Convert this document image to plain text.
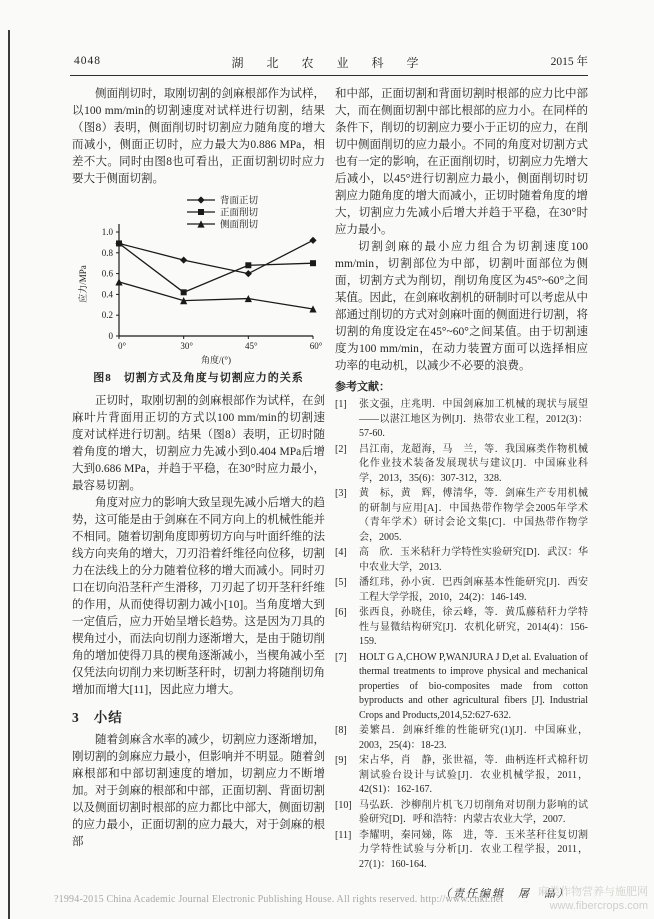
4048	湖 北 农 业 科 学	2015 年

侧面削切时，取刚切割的剑麻根部作为试样，以100 mm/min的切割速度对试样进行切割，结果（图8）表明，侧面削切时切割应力随角度的增大而减小，侧面正切时，应力最大为0.886 MPa，相差不大。同时由图8也可看出，正面切割切时应力要大于侧面切割。

0
0.2
0.4
0.6
0.8
1.0
0°	30°	45°	60°
应力/MPa
角度/(°)
背面正切
正面削切
侧面削切
图8　切割方式及角度与切割应力的关系

正切时，取刚切割的剑麻根部作为试样，在剑麻叶片背面用正切的方式以100 mm/min的切割速度对试样进行切割。结果（图8）表明，正切时随着角度的增大，切割应力先减小到0.404 MPa后增大到0.686 MPa，并趋于平稳，在30°时应力最小，最容易切割。

角度对应力的影响大致呈现先减小后增大的趋势，这可能是由于剑麻在不同方向上的机械性能并不相同。随着切割角度即剪切方向与叶面纤维的法线方向夹角的增大，刀刃沿着纤维径向位移，切割力在法线上的分力随着位移的增大而减小。同时刃口在切向沿茎秆产生滑移，刀刃起了切开茎秆纤维的作用，从而使得切割力减小[10]。当角度增大到一定值后，应力开始呈增长趋势。这是因为刀具的楔角过小，而法向切削力逐渐增大，是由于随切削角的增加使得刀具的楔角逐渐减小，当楔角减小至仅凭法向切削力来切断茎秆时，切割力将随削切角增加而增大[11]，因此应力增大。

3 小结

随着剑麻含水率的减少，切割应力逐渐增加，刚切割的剑麻应力最小，但影响并不明显。随着剑麻根部和中部切割速度的增加，切割应力不断增加。对于剑麻的根部和中部，正面切割、背面切割以及侧面切割时根部的应力都比中部大，侧面切割的应力最小，正面切割的应力最大，对于剑麻的根部

和中部，正面切割和背面切割时根部的应力比中部大，而在侧面切割中部比根部的应力小。在同样的条件下，削切的切割应力要小于正切的应力，在削切中侧面削切的应力最小。不同的角度对切割方式也有一定的影响，在正面削切时，切割应力先增大后减小，以45°进行切割应力最小，侧面削切时切割应力随角度的增大而减小，正切时随着角度的增大，切割应力先减小后增大并趋于平稳，在30°时应力最小。

切割剑麻的最小应力组合为切割速度100 mm/min，切割部位为中部，切割叶面部位为侧面，切割方式为削切，削切角度区为45°~60°之间某值。因此，在剑麻收割机的研制时可以考虑从中部通过削切的方式对剑麻叶面的侧面进行切割，将切割的角度设定在45°~60°之间某值。由于切割速度为100 mm/min，在动力装置方面可以选择相应功率的电动机，以减少不必要的浪费。

参考文献：
[1]	张文强，庄兆明．中国剑麻加工机械的现状与展望——以湛江地区为例[J]．热带农业工程，2012(3)：57-60.
[2]	吕江南，龙超海，马　兰，等．我国麻类作物机械化作业技术装备发展现状与建议[J]．中国麻业科学，2013，35(6)：307-312，328.
[3]	黄　标，黄　辉，傅清华，等．剑麻生产专用机械的研制与应用[A]．中国热带作物学会2005年学术（青年学术）研讨会论文集[C]．中国热带作物学会，2005.
[4]	高　欣．玉米秸秆力学特性实验研究[D]．武汉：华中农业大学，2013.
[5]	潘红玮，孙小寅．巴西剑麻基本性能研究[J]．西安工程大学学报，2010，24(2)：146-149.
[6]	张西良，孙晓佳，徐云峰，等．黄瓜藤秸秆力学特性与显微结构研究[J]．农机化研究，2014(4)：156-159.
[7]	HOLT G A,CHOW P,WANJURA J D,et al. Evaluation of thermal treatments to improve physical and mechanical properties of bio-composites made from cotton byproducts and other agricultural fibers [J]. Industrial Crops and Products,2014,52:627-632.
[8]	姜繁昌．剑麻纤维的性能研究(1)[J]．中国麻业，2003，25(4)：18-23.
[9]	宋占华，肖　静，张世福，等．曲柄连杆式棉秆切割试验台设计与试验[J]．农业机械学报，2011，42(S1)：162-167.
[10] 马弘跃．沙柳削片机飞刀切削角对切削力影响的试验研究[D]．呼和浩特：内蒙古农业大学，2007.
[11] 李耀明，秦同娣，陈　进，等．玉米茎秆往复切割力学特性试验与分析[J]．农业工程学报，2011，27(1)：160-164.
（责任编辑　屠　晶）
?1994-2015 China Academic Journal Electronic Publishing House. All rights reserved. http://www.cnki.net
麻类作物营养与施肥网
www.fibercrops.com
